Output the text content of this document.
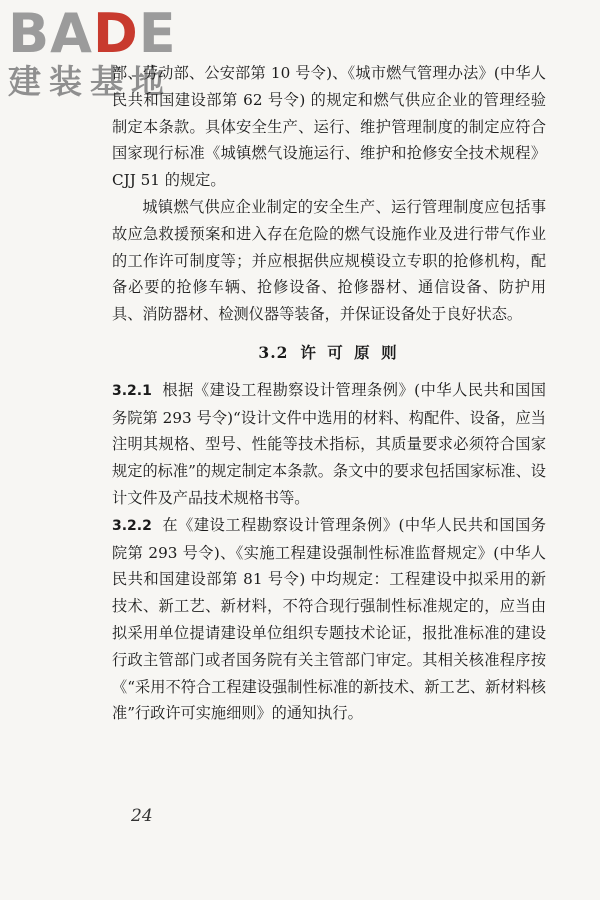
BADE
建装基地

部、劳动部、公安部第 10 号令)、《城市燃气管理办法》(中华人民共和国建设部第 62 号令) 的规定和燃气供应企业的管理经验制定本条款。具体安全生产、运行、维护管理制度的制定应符合国家现行标准《城镇燃气设施运行、维护和抢修安全技术规程》CJJ 51 的规定。

城镇燃气供应企业制定的安全生产、运行管理制度应包括事故应急救援预案和进入存在危险的燃气设施作业及进行带气作业的工作许可制度等；并应根据供应规模设立专职的抢修机构，配备必要的抢修车辆、抢修设备、抢修器材、通信设备、防护用具、消防器材、检测仪器等装备，并保证设备处于良好状态。

3.2 许 可 原 则

3.2.1 根据《建设工程勘察设计管理条例》(中华人民共和国国务院第 293 号令)“设计文件中选用的材料、构配件、设备，应当注明其规格、型号、性能等技术指标，其质量要求必须符合国家规定的标准”的规定制定本条款。条文中的要求包括国家标准、设计文件及产品技术规格书等。

3.2.2 在《建设工程勘察设计管理条例》(中华人民共和国国务院第 293 号令)、《实施工程建设强制性标准监督规定》(中华人民共和国建设部第 81 号令) 中均规定：工程建设中拟采用的新技术、新工艺、新材料，不符合现行强制性标准规定的，应当由拟采用单位提请建设单位组织专题技术论证，报批准标准的建设行政主管部门或者国务院有关主管部门审定。其相关核准程序按《“采用不符合工程建设强制性标准的新技术、新工艺、新材料核准”行政许可实施细则》的通知执行。

24
